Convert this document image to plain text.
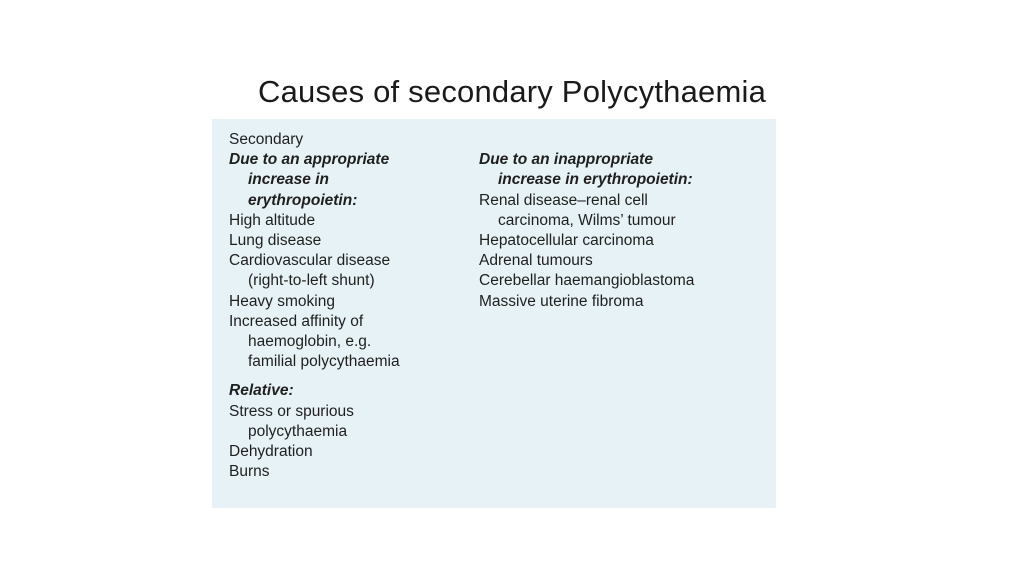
Causes of secondary Polycythaemia
Secondary
Due to an appropriate
increase in
erythropoietin:
High altitude
Lung disease
Cardiovascular disease
(right-to-left shunt)
Heavy smoking
Increased affinity of
haemoglobin, e.g.
familial polycythaemia
Relative:
Stress or spurious
polycythaemia
Dehydration
Burns
Due to an inappropriate
increase in erythropoietin:
Renal disease–renal cell
carcinoma, Wilms’ tumour
Hepatocellular carcinoma
Adrenal tumours
Cerebellar haemangioblastoma
Massive uterine fibroma
